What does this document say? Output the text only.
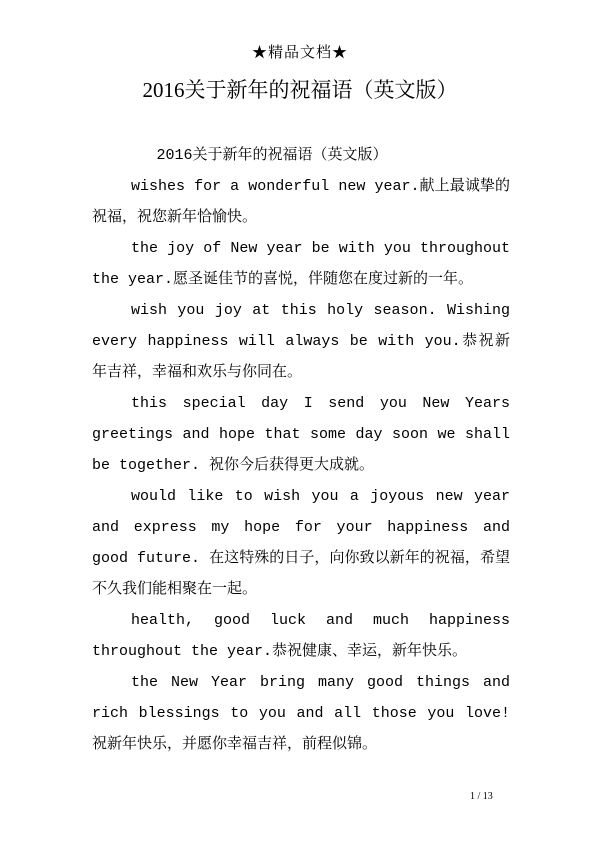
★精品文档★
2016关于新年的祝福语（英文版）

2016关于新年的祝福语（英文版）

wishes for a wonderful new year.献上最诚挚的祝福，祝您新年恰愉快。

the joy of New year be with you throughout the year.愿圣诞佳节的喜悦，伴随您在度过新的一年。

wish you joy at this holy season. Wishing every happiness will always be with you.恭祝新年吉祥，幸福和欢乐与你同在。

this special day I send you New Years greetings and hope that some day soon we shall be together. 祝你今后获得更大成就。

would like to wish you a joyous new year and express my hope for your happiness and good future. 在这特殊的日子，向你致以新年的祝福，希望不久我们能相聚在一起。

health, good luck and much happiness throughout the year.恭祝健康、幸运，新年快乐。

the New Year bring many good things and rich blessings to you and all those you love!祝新年快乐，并愿你幸福吉祥，前程似锦。

1 / 13
